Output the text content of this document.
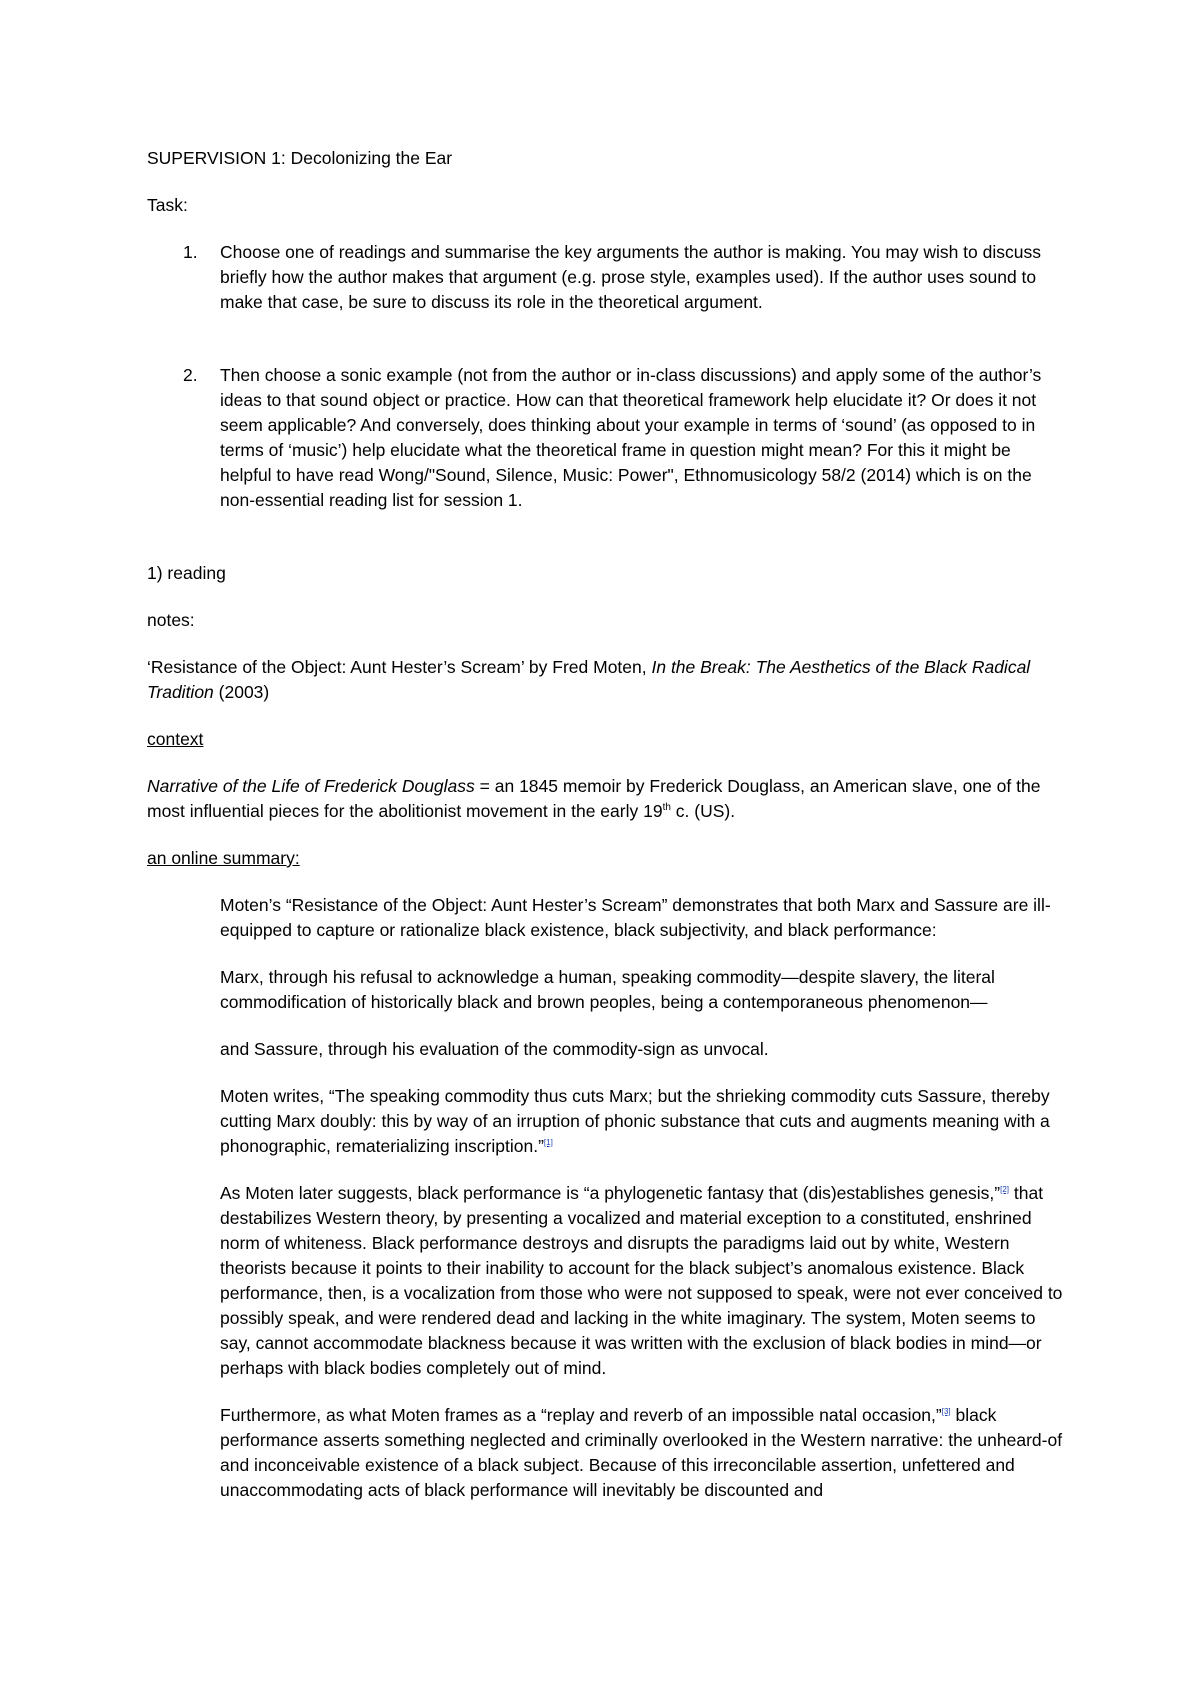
SUPERVISION 1: Decolonizing the Ear

Task:

1. Choose one of readings and summarise the key arguments the author is making. You may wish to discuss briefly how the author makes that argument (e.g. prose style, examples used). If the author uses sound to make that case, be sure to discuss its role in the theoretical argument.
2. Then choose a sonic example (not from the author or in-class discussions) and apply some of the author’s ideas to that sound object or practice. How can that theoretical framework help elucidate it? Or does it not seem applicable? And conversely, does thinking about your example in terms of ‘sound’ (as opposed to in terms of ‘music’) help elucidate what the theoretical frame in question might mean? For this it might be helpful to have read Wong/"Sound, Silence, Music: Power", Ethnomusicology 58/2 (2014) which is on the non-essential reading list for session 1.

1) reading

notes:

‘Resistance of the Object: Aunt Hester’s Scream’ by Fred Moten, In the Break: The Aesthetics of the Black Radical Tradition (2003)

context

Narrative of the Life of Frederick Douglass = an 1845 memoir by Frederick Douglass, an American slave, one of the most influential pieces for the abolitionist movement in the early 19th c. (US).

an online summary:

Moten’s “Resistance of the Object: Aunt Hester’s Scream” demonstrates that both Marx and Sassure are ill-equipped to capture or rationalize black existence, black subjectivity, and black performance:

Marx, through his refusal to acknowledge a human, speaking commodity—despite slavery, the literal commodification of historically black and brown peoples, being a contemporaneous phenomenon—

and Sassure, through his evaluation of the commodity-sign as unvocal.

Moten writes, “The speaking commodity thus cuts Marx; but the shrieking commodity cuts Sassure, thereby cutting Marx doubly: this by way of an irruption of phonic substance that cuts and augments meaning with a phonographic, rematerializing inscription.”[1]

As Moten later suggests, black performance is “a phylogenetic fantasy that (dis)establishes genesis,”[2] that destabilizes Western theory, by presenting a vocalized and material exception to a constituted, enshrined norm of whiteness. Black performance destroys and disrupts the paradigms laid out by white, Western theorists because it points to their inability to account for the black subject’s anomalous existence. Black performance, then, is a vocalization from those who were not supposed to speak, were not ever conceived to possibly speak, and were rendered dead and lacking in the white imaginary. The system, Moten seems to say, cannot accommodate blackness because it was written with the exclusion of black bodies in mind—or perhaps with black bodies completely out of mind.

Furthermore, as what Moten frames as a “replay and reverb of an impossible natal occasion,”[3] black performance asserts something neglected and criminally overlooked in the Western narrative: the unheard-of and inconceivable existence of a black subject. Because of this irreconcilable assertion, unfettered and unaccommodating acts of black performance will inevitably be discounted and
